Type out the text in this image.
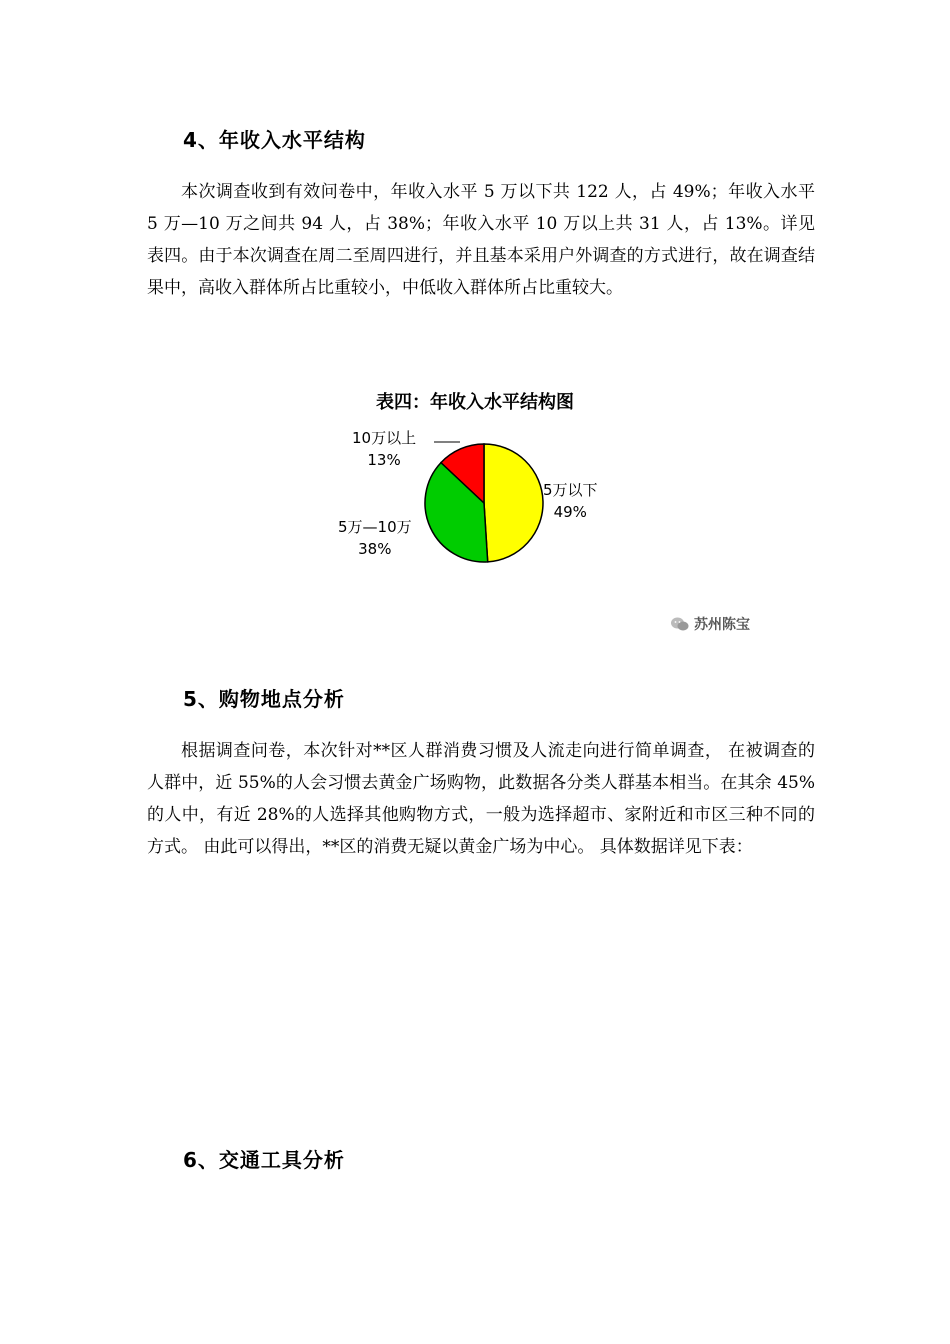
4、年收入水平结构
本次调查收到有效问卷中，年收入水平 5 万以下共 122 人，占 49%；年收入水平 5 万—10 万之间共 94 人，占 38%；年收入水平 10 万以上共 31 人，占 13%。详见表四。由于本次调查在周二至周四进行，并且基本采用户外调查的方式进行，故在调查结果中，高收入群体所占比重较小，中低收入群体所占比重较大。
表四：年收入水平结构图
10万以上
13%
5万以下
49%
5万—10万
38%
苏州陈宝
5、购物地点分析
根据调查问卷，本次针对**区人群消费习惯及人流走向进行简单调查， 在被调查的人群中，近 55%的人会习惯去黄金广场购物，此数据各分类人群基本相当。在其余 45%的人中，有近 28%的人选择其他购物方式，一般为选择超市、家附近和市区三种不同的方式。 由此可以得出，**区的消费无疑以黄金广场为中心。 具体数据详见下表：
6、交通工具分析
